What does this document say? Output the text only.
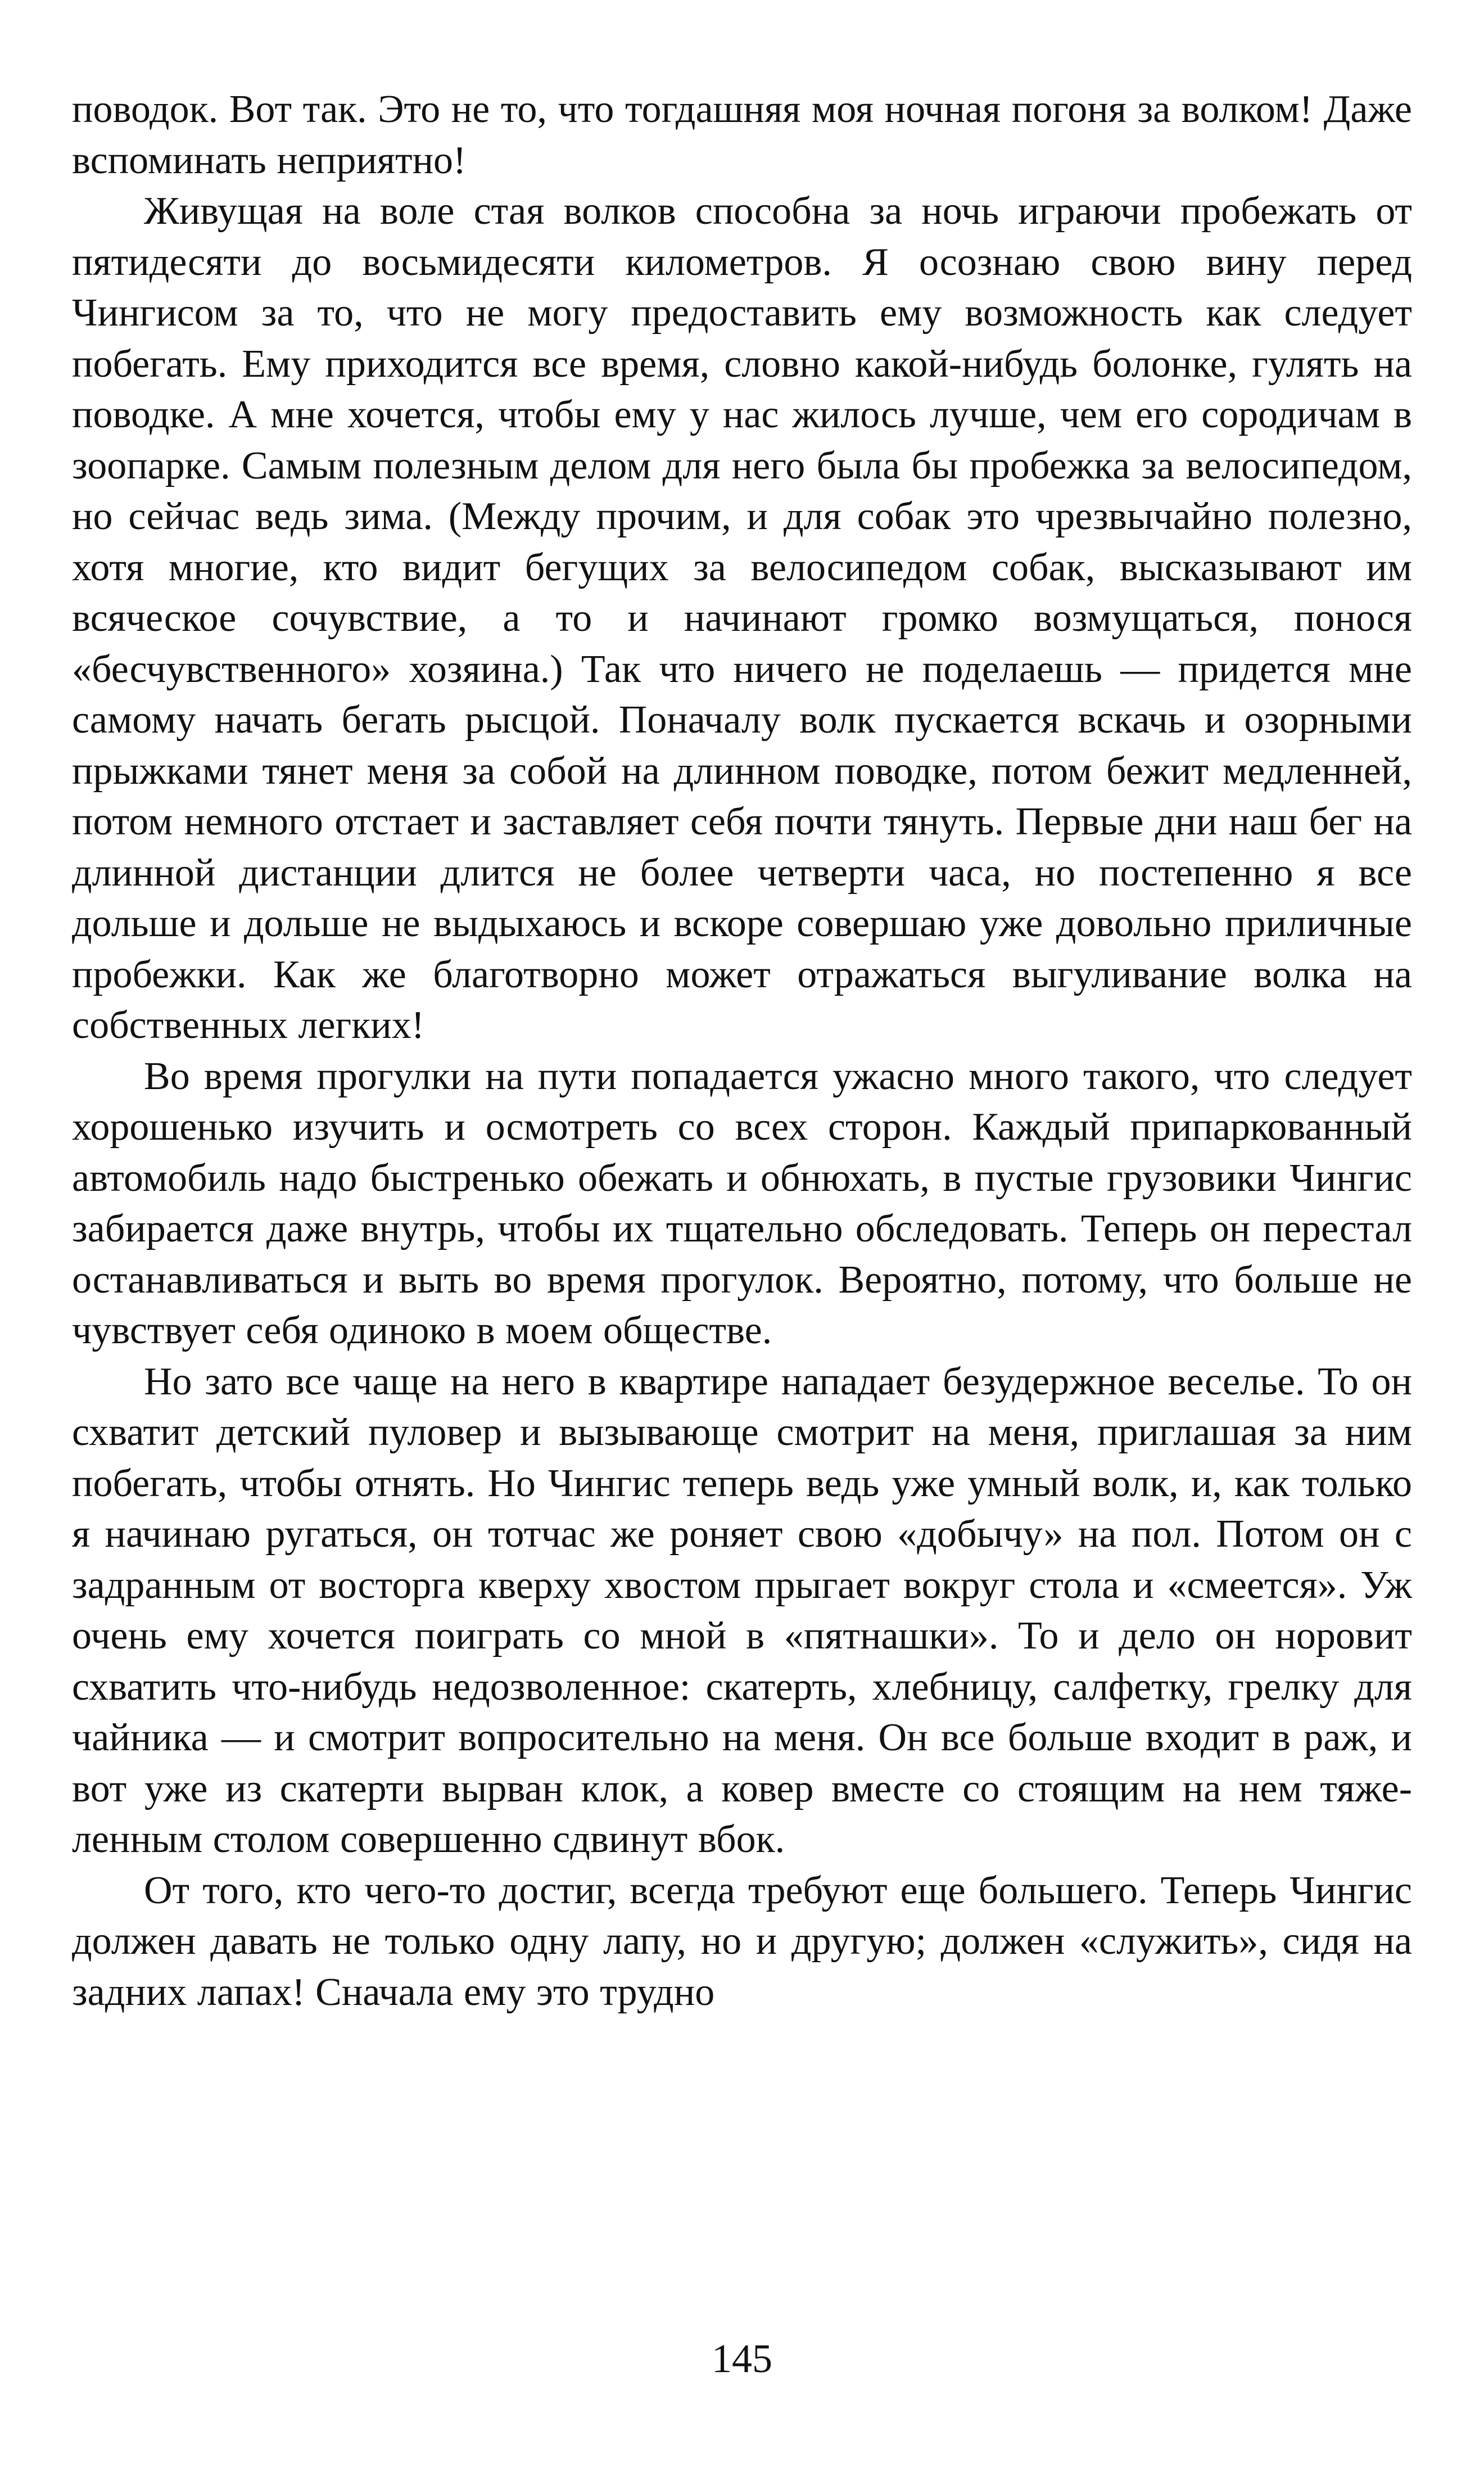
поводок. Вот так. Это не то, что тогдашняя моя ночная погоня за волком! Даже вспоминать неприятно!

Живущая на воле стая волков способна за ночь играючи пробежать от пятидесяти до восьмидесяти километров. Я осознаю свою вину перед Чингисом за то, что не могу предоставить ему возможность как следует побегать. Ему приходится все время, словно какой-нибудь болонке, гулять на поводке. А мне хочется, чтобы ему у нас жилось лучше, чем его сородичам в зоопарке. Самым полезным делом для него была бы пробежка за велосипедом, но сейчас ведь зима. (Между прочим, и для собак это чрезвычайно полезно, хотя многие, кто видит бегущих за велосипедом собак, высказывают им всяческое сочувствие, а то и начинают громко возмущаться, понося «бесчувственного» хозяина.) Так что ничего не поделаешь — придется мне самому начать бегать рысцой. Поначалу волк пускается вскачь и озорными прыжками тянет меня за собой на длинном поводке, потом бежит медленней, потом немного отстает и заставляет себя почти тянуть. Первые дни наш бег на длинной дистанции длится не более четверти часа, но постепенно я все дольше и дольше не выдыхаюсь и вскоре совершаю уже довольно приличные пробежки. Как же благотворно может отражаться выгуливание волка на собственных легких!

Во время прогулки на пути попадается ужасно много такого, что следует хорошенько изучить и осмотреть со всех сторон. Каждый припаркованный автомобиль надо быстренько обежать и обнюхать, в пустые грузовики Чингис забирается даже внутрь, чтобы их тщательно обследовать. Теперь он перестал останавливаться и выть во время прогулок. Вероятно, потому, что больше не чувствует себя одиноко в моем обществе.

Но зато все чаще на него в квартире нападает безудержное веселье. То он схватит детский пуловер и вызывающе смотрит на меня, приглашая за ним побегать, чтобы отнять. Но Чингис теперь ведь уже умный волк, и, как только я начинаю ругаться, он тотчас же роняет свою «добычу» на пол. Потом он с задранным от восторга кверху хвостом прыгает вокруг стола и «смеется». Уж очень ему хочется поиграть со мной в «пятнашки». То и дело он норовит схватить что-нибудь недозволенное: скатерть, хлебницу, салфетку, грелку для чайника — и смотрит вопросительно на меня. Он все больше входит в раж, и вот уже из скатерти вырван клок, а ковер вместе со стоящим на нем тяжеленным столом совершенно сдвинут вбок.

От того, кто чего-то достиг, всегда требуют еще большего. Теперь Чингис должен давать не только одну лапу, но и другую; должен «служить», сидя на задних лапах! Сначала ему это трудно

145
